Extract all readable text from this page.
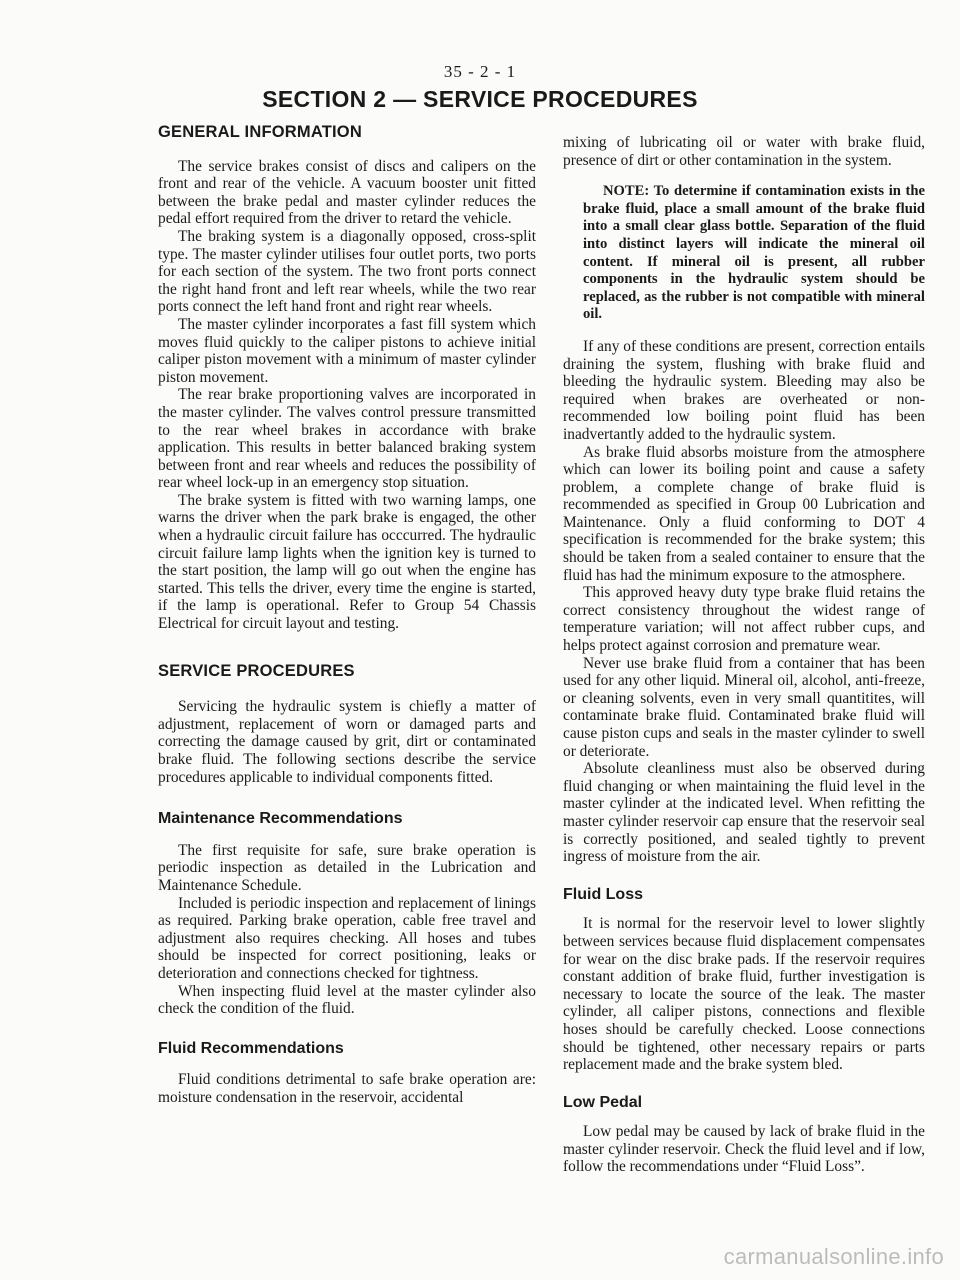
35 - 2 - 1
SECTION 2 — SERVICE PROCEDURES
GENERAL INFORMATION

The service brakes consist of discs and calipers on the front and rear of the vehicle. A vacuum booster unit fitted between the brake pedal and master cylinder reduces the pedal effort required from the driver to retard the vehicle.

The braking system is a diagonally opposed, cross-split type. The master cylinder utilises four outlet ports, two ports for each section of the system. The two front ports connect the right hand front and left rear wheels, while the two rear ports connect the left hand front and right rear wheels.

The master cylinder incorporates a fast fill system which moves fluid quickly to the caliper pistons to achieve initial caliper piston movement with a minimum of master cylinder piston movement.

The rear brake proportioning valves are incorporated in the master cylinder. The valves control pressure transmitted to the rear wheel brakes in accordance with brake application. This results in better balanced braking system between front and rear wheels and reduces the possibility of rear wheel lock-up in an emergency stop situation.

The brake system is fitted with two warning lamps, one warns the driver when the park brake is engaged, the other when a hydraulic circuit failure has occcurred. The hydraulic circuit failure lamp lights when the ignition key is turned to the start position, the lamp will go out when the engine has started. This tells the driver, every time the engine is started, if the lamp is operational. Refer to Group 54 Chassis Electrical for circuit layout and testing.

SERVICE PROCEDURES

Servicing the hydraulic system is chiefly a matter of adjustment, replacement of worn or damaged parts and correcting the damage caused by grit, dirt or contaminated brake fluid. The following sections describe the service procedures applicable to individual components fitted.

Maintenance Recommendations

The first requisite for safe, sure brake operation is periodic inspection as detailed in the Lubrication and Maintenance Schedule.

Included is periodic inspection and replacement of linings as required. Parking brake operation, cable free travel and adjustment also requires checking. All hoses and tubes should be inspected for correct positioning, leaks or deterioration and connections checked for tightness.

When inspecting fluid level at the master cylinder also check the condition of the fluid.

Fluid Recommendations

Fluid conditions detrimental to safe brake operation are: moisture condensation in the reservoir, accidental

mixing of lubricating oil or water with brake fluid, presence of dirt or other contamination in the system.

NOTE: To determine if contamination exists in the brake fluid, place a small amount of the brake fluid into a small clear glass bottle. Separation of the fluid into distinct layers will indicate the mineral oil content. If mineral oil is present, all rubber components in the hydraulic system should be replaced, as the rubber is not compatible with mineral oil.

If any of these conditions are present, correction entails draining the system, flushing with brake fluid and bleeding the hydraulic system. Bleeding may also be required when brakes are overheated or non-recommended low boiling point fluid has been inadvertantly added to the hydraulic system.

As brake fluid absorbs moisture from the atmosphere which can lower its boiling point and cause a safety problem, a complete change of brake fluid is recommended as specified in Group 00 Lubrication and Maintenance. Only a fluid conforming to DOT 4 specification is recommended for the brake system; this should be taken from a sealed container to ensure that the fluid has had the minimum exposure to the atmosphere.

This approved heavy duty type brake fluid retains the correct consistency throughout the widest range of temperature variation; will not affect rubber cups, and helps protect against corrosion and premature wear.

Never use brake fluid from a container that has been used for any other liquid. Mineral oil, alcohol, anti-freeze, or cleaning solvents, even in very small quantitites, will contaminate brake fluid. Contaminated brake fluid will cause piston cups and seals in the master cylinder to swell or deteriorate.

Absolute cleanliness must also be observed during fluid changing or when maintaining the fluid level in the master cylinder at the indicated level. When refitting the master cylinder reservoir cap ensure that the reservoir seal is correctly positioned, and sealed tightly to prevent ingress of moisture from the air.

Fluid Loss

It is normal for the reservoir level to lower slightly between services because fluid displacement compensates for wear on the disc brake pads. If the reservoir requires constant addition of brake fluid, further investigation is necessary to locate the source of the leak. The master cylinder, all caliper pistons, connections and flexible hoses should be carefully checked. Loose connections should be tightened, other necessary repairs or parts replacement made and the brake system bled.

Low Pedal

Low pedal may be caused by lack of brake fluid in the master cylinder reservoir. Check the fluid level and if low, follow the recommendations under “Fluid Loss”.

carmanualsonline.info
